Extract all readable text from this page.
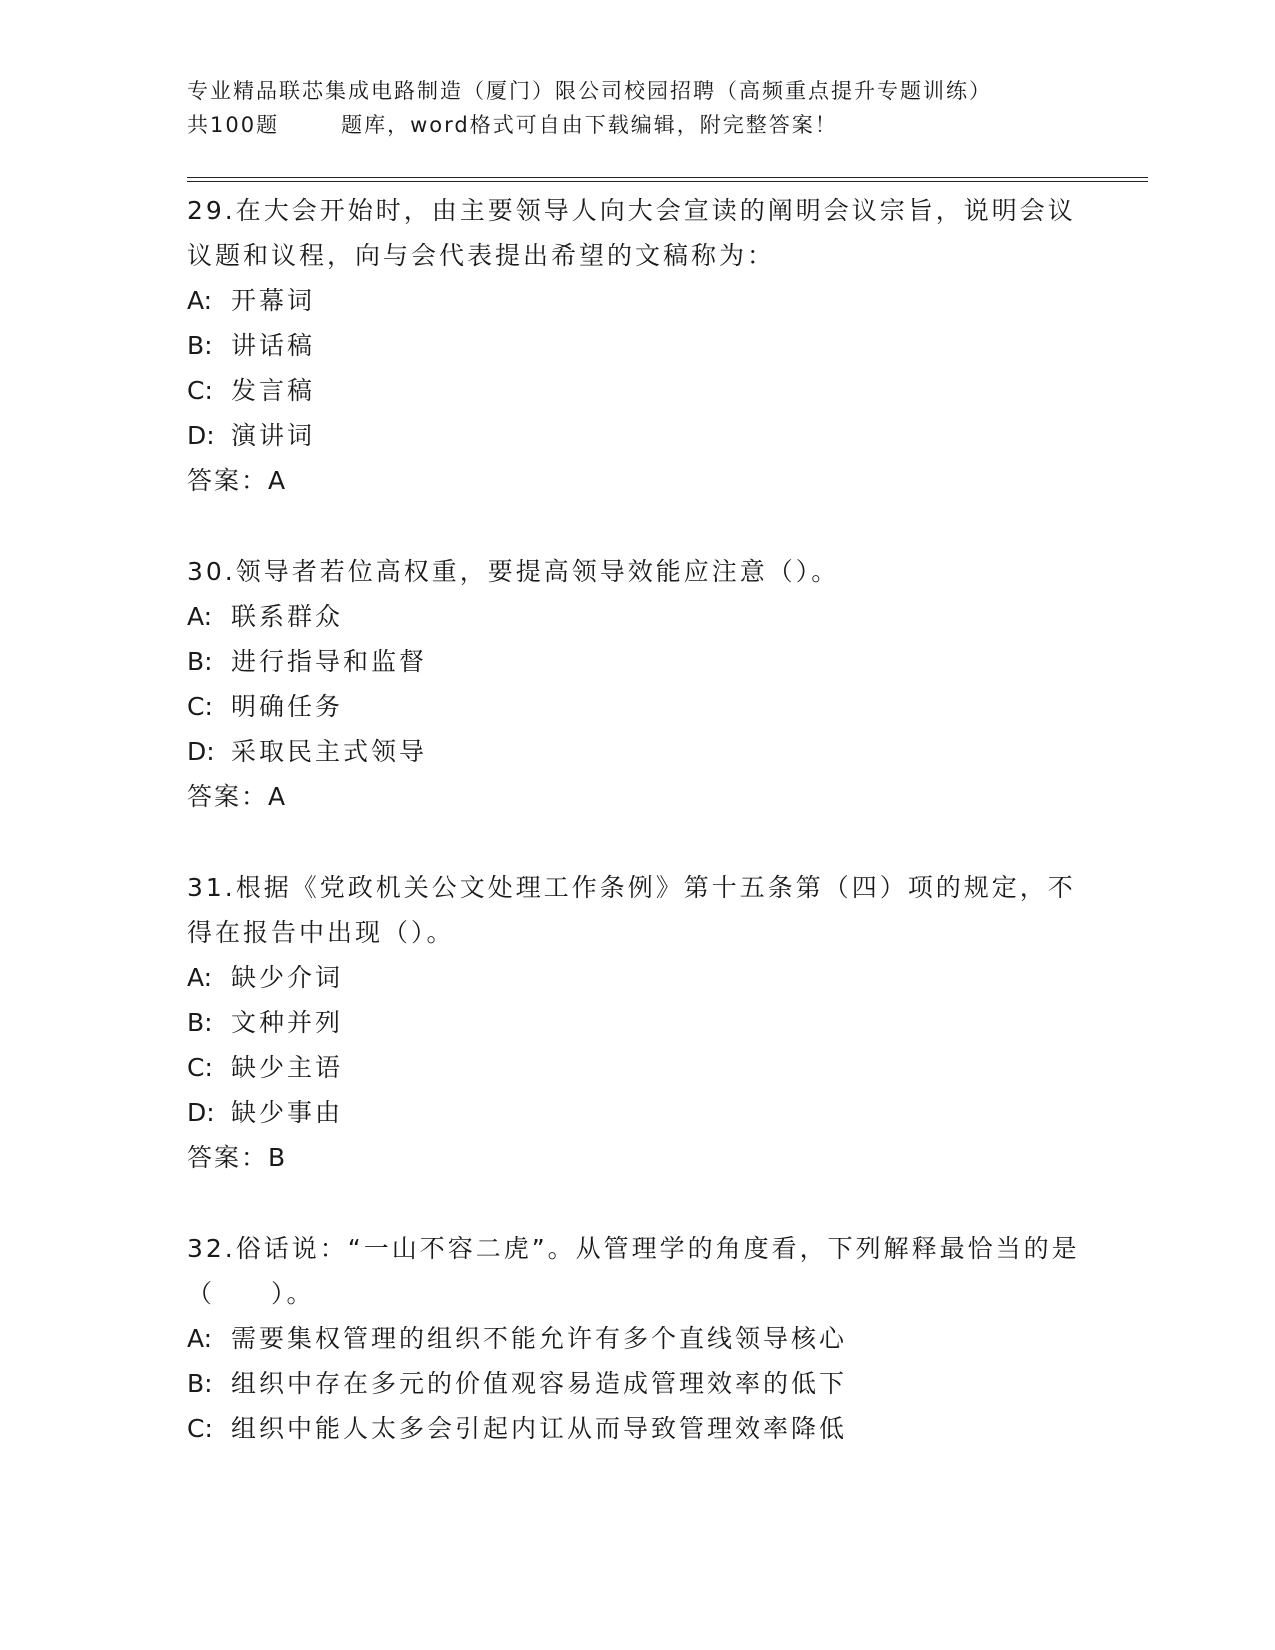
专业精品联芯集成电路制造（厦门）限公司校园招聘（高频重点提升专题训练）
共100题	题库，word格式可自由下载编辑，附完整答案！
29.在大会开始时，由主要领导人向大会宣读的阐明会议宗旨，说明会议议题和议程，向与会代表提出希望的文稿称为：
A: 开幕词
B: 讲话稿
C: 发言稿
D: 演讲词
答案：A
30.领导者若位高权重，要提高领导效能应注意（）。
A: 联系群众
B: 进行指导和监督
C: 明确任务
D: 采取民主式领导
答案：A
31.根据《党政机关公文处理工作条例》第十五条第（四）项的规定，不得在报告中出现（）。
A: 缺少介词
B: 文种并列
C: 缺少主语
D: 缺少事由
答案：B
32.俗话说：“一山不容二虎”。从管理学的角度看，下列解释最恰当的是（　　）。
A: 需要集权管理的组织不能允许有多个直线领导核心
B: 组织中存在多元的价值观容易造成管理效率的低下
C: 组织中能人太多会引起内讧从而导致管理效率降低
